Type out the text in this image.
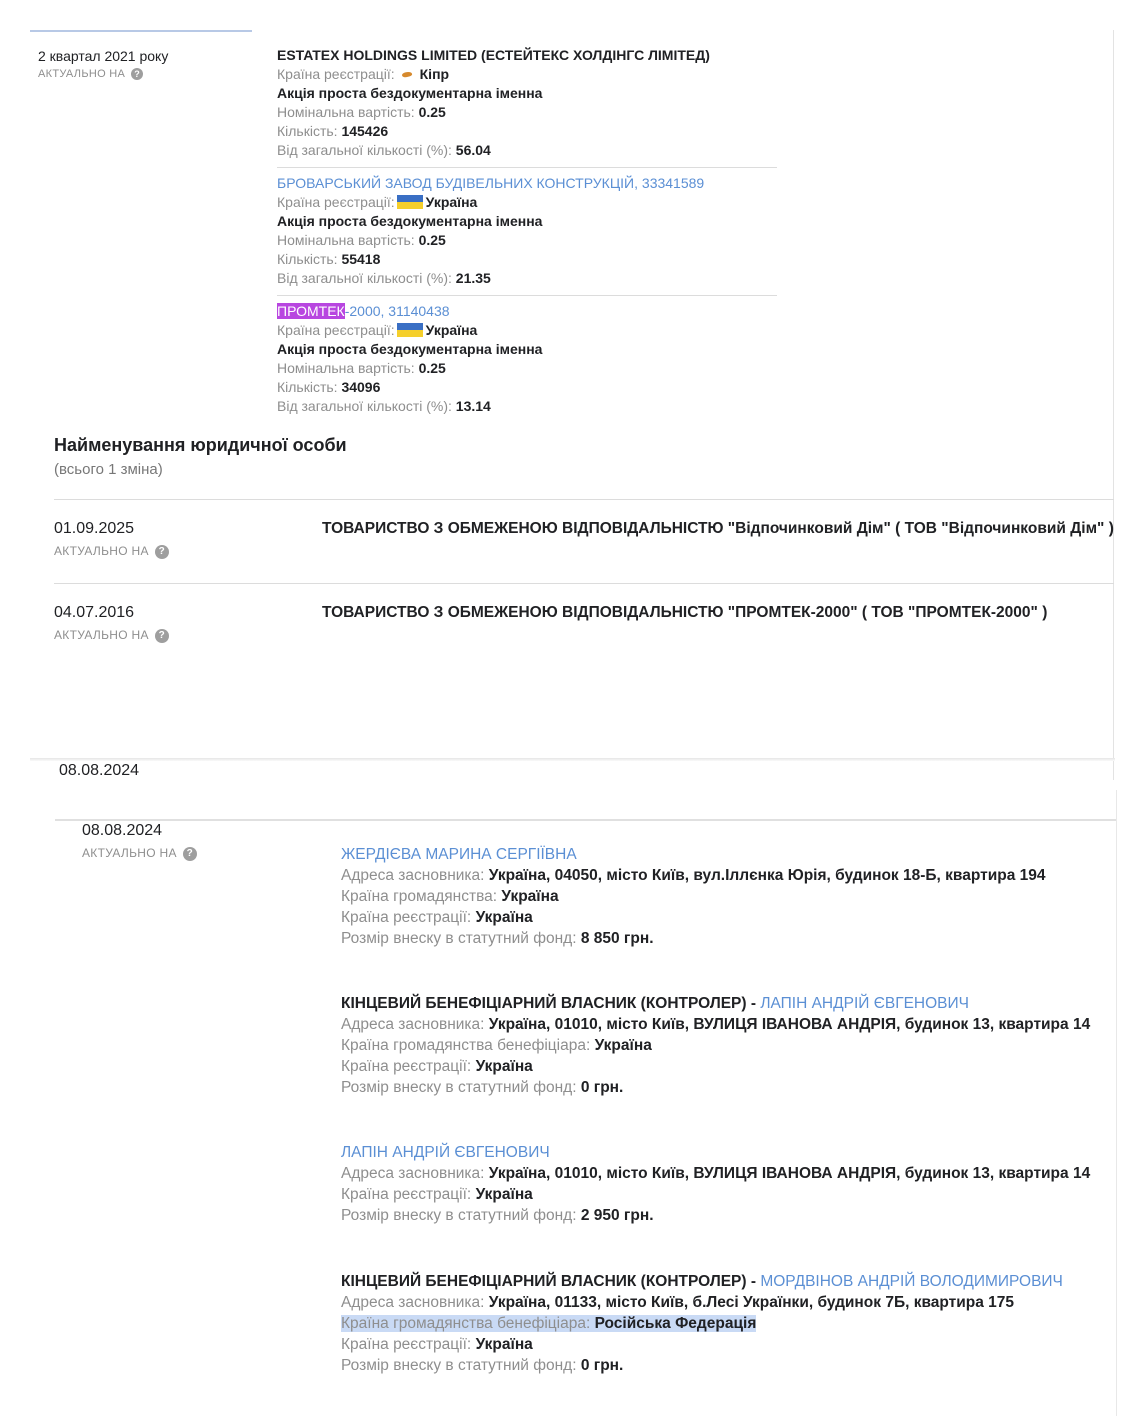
2 квартал 2021 року
АКТУАЛЬНО НА ?
ESTATEX HOLDINGS LIMITED (ЕСТЕЙТЕКС ХОЛДІНГС ЛІМІТЕД)
Країна реєстрації: Кіпр
Акція проста бездокументарна іменна
Номінальна вартість: 0.25
Кількість: 145426
Від загальної кількості (%): 56.04
БРОВАРСЬКИЙ ЗАВОД БУДІВЕЛЬНИХ КОНСТРУКЦІЙ, 33341589
Країна реєстрації: Україна
Акція проста бездокументарна іменна
Номінальна вартість: 0.25
Кількість: 55418
Від загальної кількості (%): 21.35
ПРОМТЕК-2000, 31140438
Країна реєстрації: Україна
Акція проста бездокументарна іменна
Номінальна вартість: 0.25
Кількість: 34096
Від загальної кількості (%): 13.14
Найменування юридичної особи
(всього 1 зміна)
01.09.2025
АКТУАЛЬНО НА ?
ТОВАРИСТВО З ОБМЕЖЕНОЮ ВІДПОВІДАЛЬНІСТЮ "Відпочинковий Дім" ( ТОВ "Відпочинковий Дім" )
04.07.2016
АКТУАЛЬНО НА ?
ТОВАРИСТВО З ОБМЕЖЕНОЮ ВІДПОВІДАЛЬНІСТЮ "ПРОМТЕК-2000" ( ТОВ "ПРОМТЕК-2000" )
08.08.2024
08.08.2024
АКТУАЛЬНО НА ?	ЖЕРДІЄВА МАРИНА СЕРГІЇВНА
Адреса засновника: Україна, 04050, місто Київ, вул.Іллєнка Юрія, будинок 18-Б, квартира 194
Країна громадянства: Україна
Країна реєстрації: Україна
Розмір внеску в статутний фонд: 8 850 грн.
КІНЦЕВИЙ БЕНЕФІЦІАРНИЙ ВЛАСНИК (КОНТРОЛЕР) - ЛАПІН АНДРІЙ ЄВГЕНОВИЧ
Адреса засновника: Україна, 01010, місто Київ, ВУЛИЦЯ ІВАНОВА АНДРІЯ, будинок 13, квартира 14
Країна громадянства бенефіціара: Україна
Країна реєстрації: Україна
Розмір внеску в статутний фонд: 0 грн.
ЛАПІН АНДРІЙ ЄВГЕНОВИЧ
Адреса засновника: Україна, 01010, місто Київ, ВУЛИЦЯ ІВАНОВА АНДРІЯ, будинок 13, квартира 14
Країна реєстрації: Україна
Розмір внеску в статутний фонд: 2 950 грн.
КІНЦЕВИЙ БЕНЕФІЦІАРНИЙ ВЛАСНИК (КОНТРОЛЕР) - МОРДВІНОВ АНДРІЙ ВОЛОДИМИРОВИЧ
Адреса засновника: Україна, 01133, місто Київ, б.Лесі Українки, будинок 7Б, квартира 175
Країна громадянства бенефіціара: Російська Федерація
Країна реєстрації: Україна
Розмір внеску в статутний фонд: 0 грн.
